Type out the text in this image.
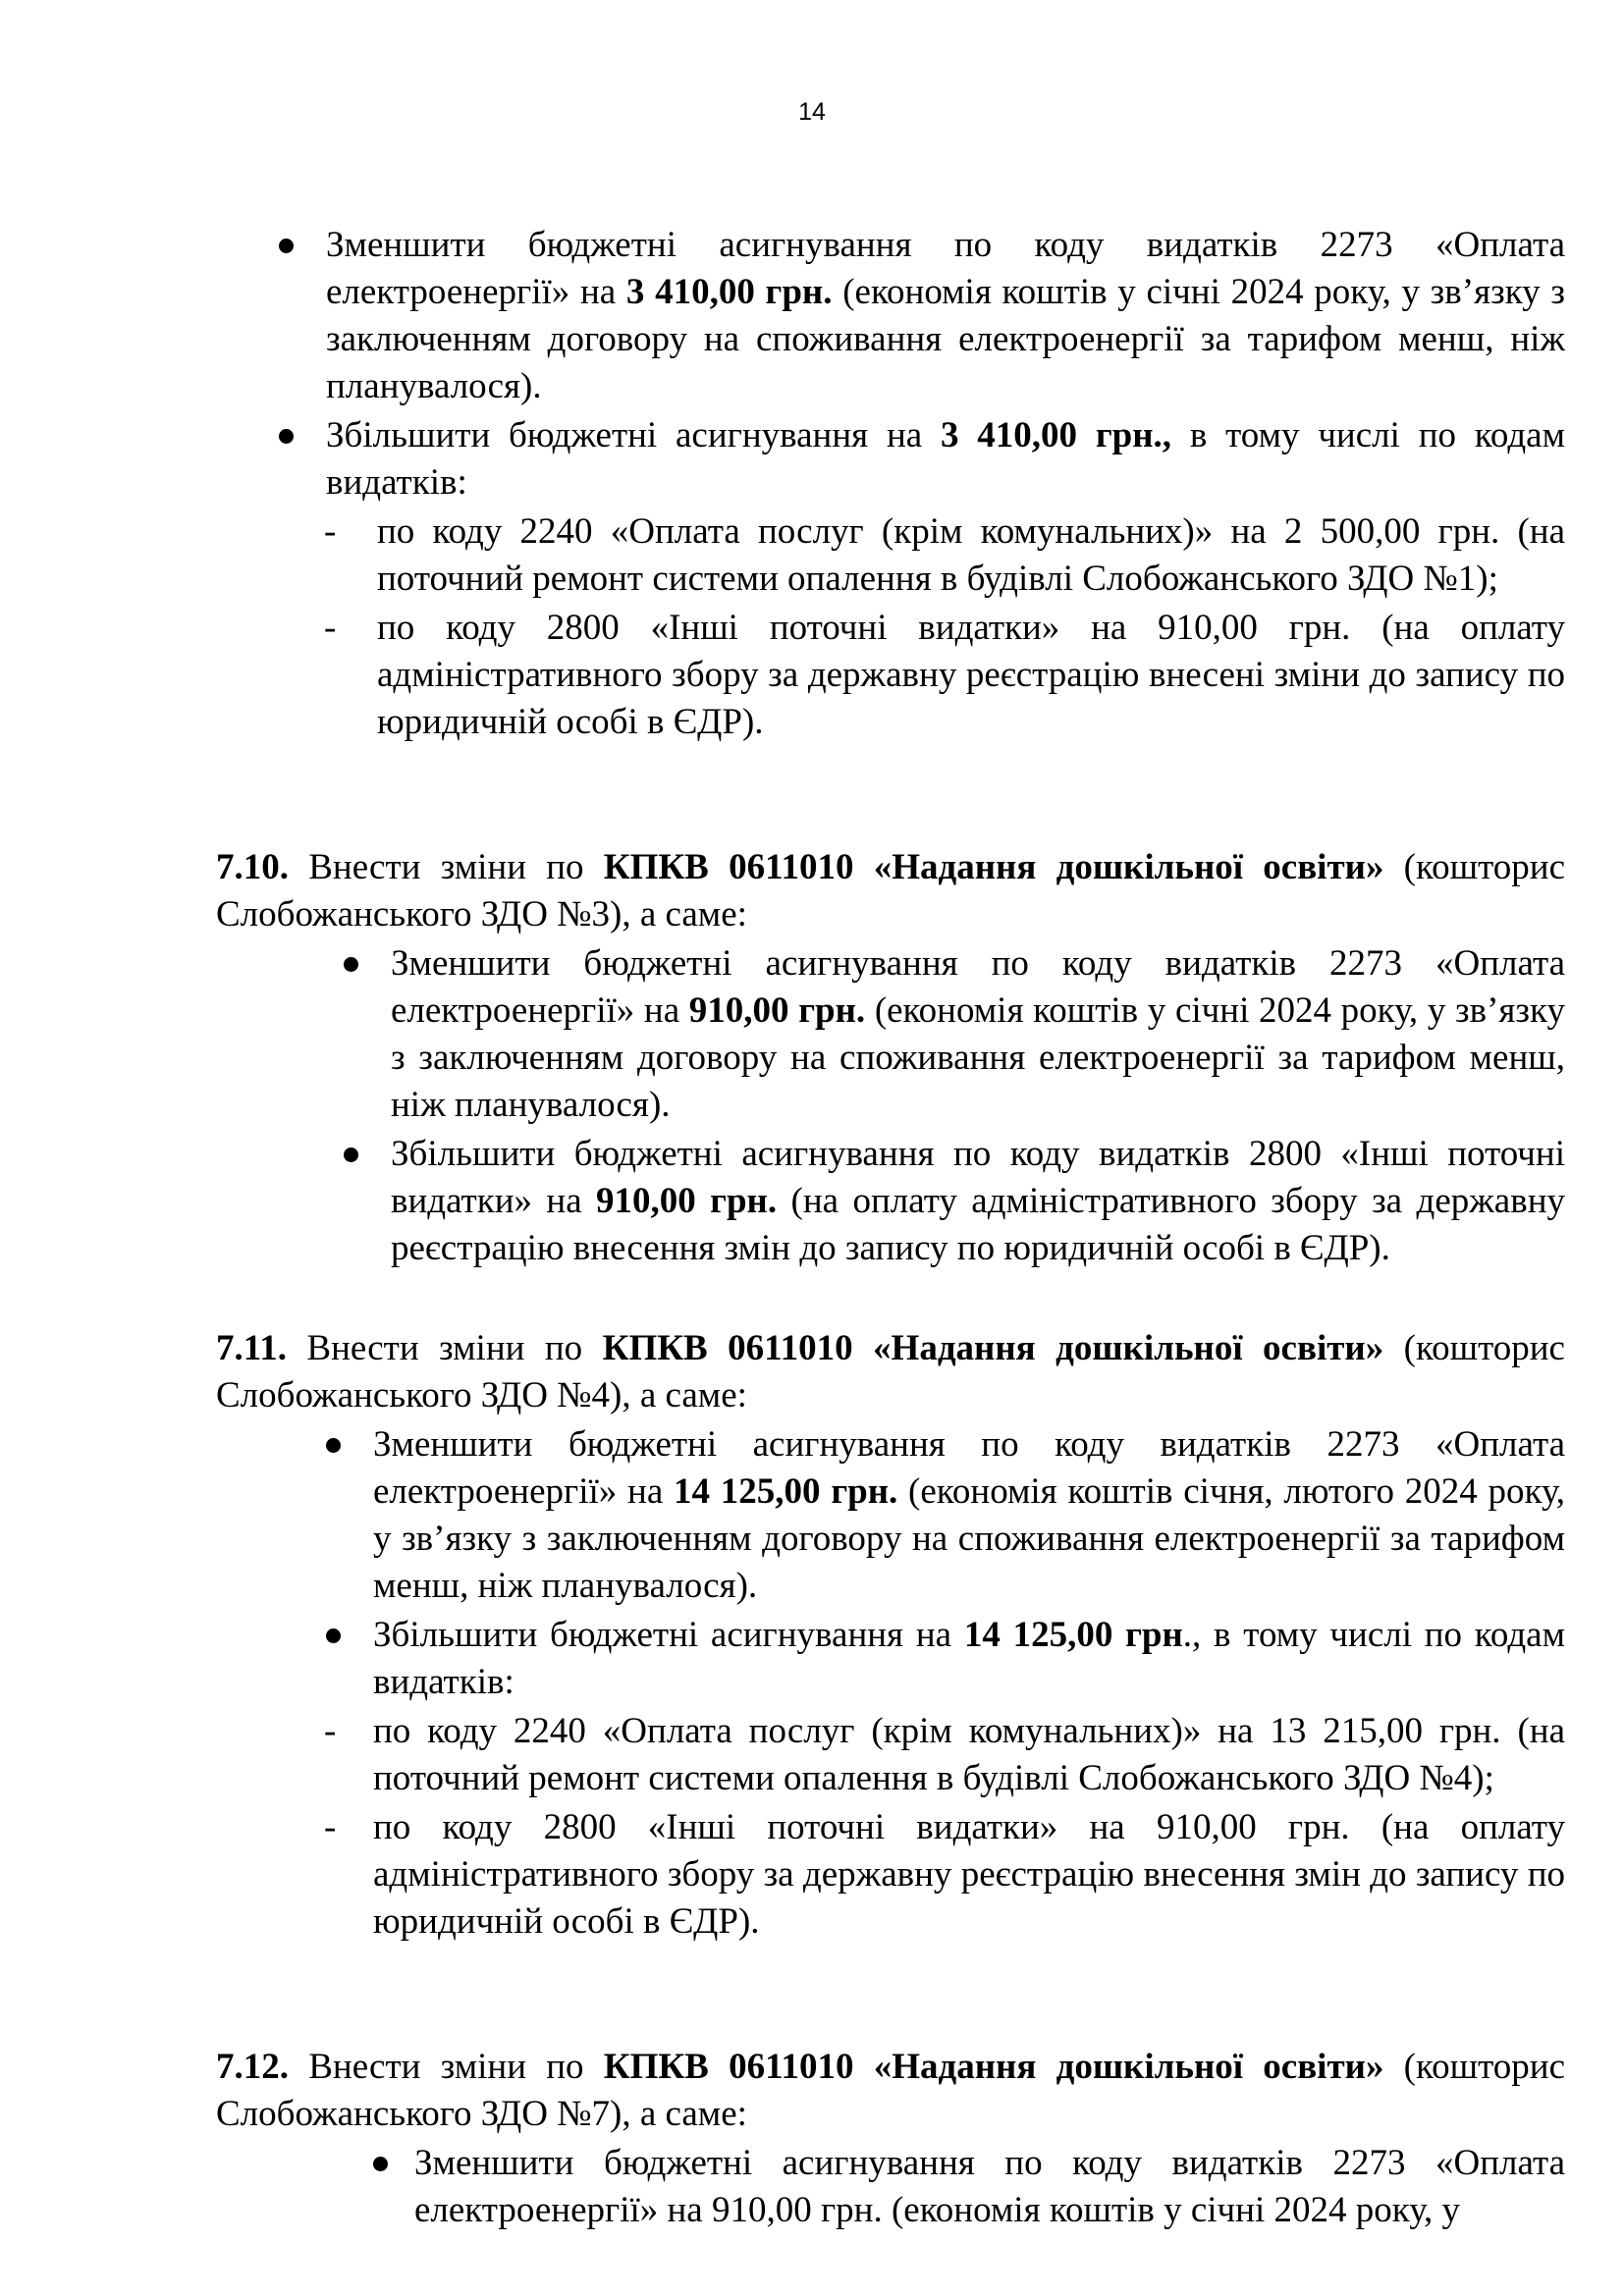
14

Зменшити бюджетні асигнування по коду видатків 2273 «Оплата електроенергії» на 3 410,00 грн. (економія коштів у січні 2024 року, у зв’язку з заключенням договору на споживання електроенергії за тарифом менш, ніж планувалося).

Збільшити бюджетні асигнування на 3 410,00 грн., в тому числі по кодам видатків:

- по коду 2240 «Оплата послуг (крім комунальних)» на 2 500,00 грн. (на поточний ремонт системи опалення в будівлі Слобожанського ЗДО №1);

- по коду 2800 «Інші поточні видатки» на 910,00 грн. (на оплату адміністративного збору за державну реєстрацію внесені зміни до запису по юридичній особі в ЄДР).

7.10. Внести зміни по КПКВ 0611010 «Надання дошкільної освіти» (кошторис Слобожанського ЗДО №3), а саме:

Зменшити бюджетні асигнування по коду видатків 2273 «Оплата електроенергії» на 910,00 грн. (економія коштів у січні 2024 року, у зв’язку з заключенням договору на споживання електроенергії за тарифом менш, ніж планувалося).

Збільшити бюджетні асигнування по коду видатків 2800 «Інші поточні видатки» на 910,00 грн. (на оплату адміністративного збору за державну реєстрацію внесення змін до запису по юридичній особі в ЄДР).

7.11. Внести зміни по КПКВ 0611010 «Надання дошкільної освіти» (кошторис Слобожанського ЗДО №4), а саме:

Зменшити бюджетні асигнування по коду видатків 2273 «Оплата електроенергії» на 14 125,00 грн. (економія коштів січня, лютого 2024 року, у зв’язку з заключенням договору на споживання електроенергії за тарифом менш, ніж планувалося).

Збільшити бюджетні асигнування на 14 125,00 грн., в тому числі по кодам видатків:

- по коду 2240 «Оплата послуг (крім комунальних)» на 13 215,00 грн. (на поточний ремонт системи опалення в будівлі Слобожанського ЗДО №4);

- по коду 2800 «Інші поточні видатки» на 910,00 грн. (на оплату адміністративного збору за державну реєстрацію внесення змін до запису по юридичній особі в ЄДР).

7.12. Внести зміни по КПКВ 0611010 «Надання дошкільної освіти» (кошторис Слобожанського ЗДО №7), а саме:

Зменшити бюджетні асигнування по коду видатків 2273 «Оплата електроенергії» на 910,00 грн. (економія коштів у січні 2024 року, у
